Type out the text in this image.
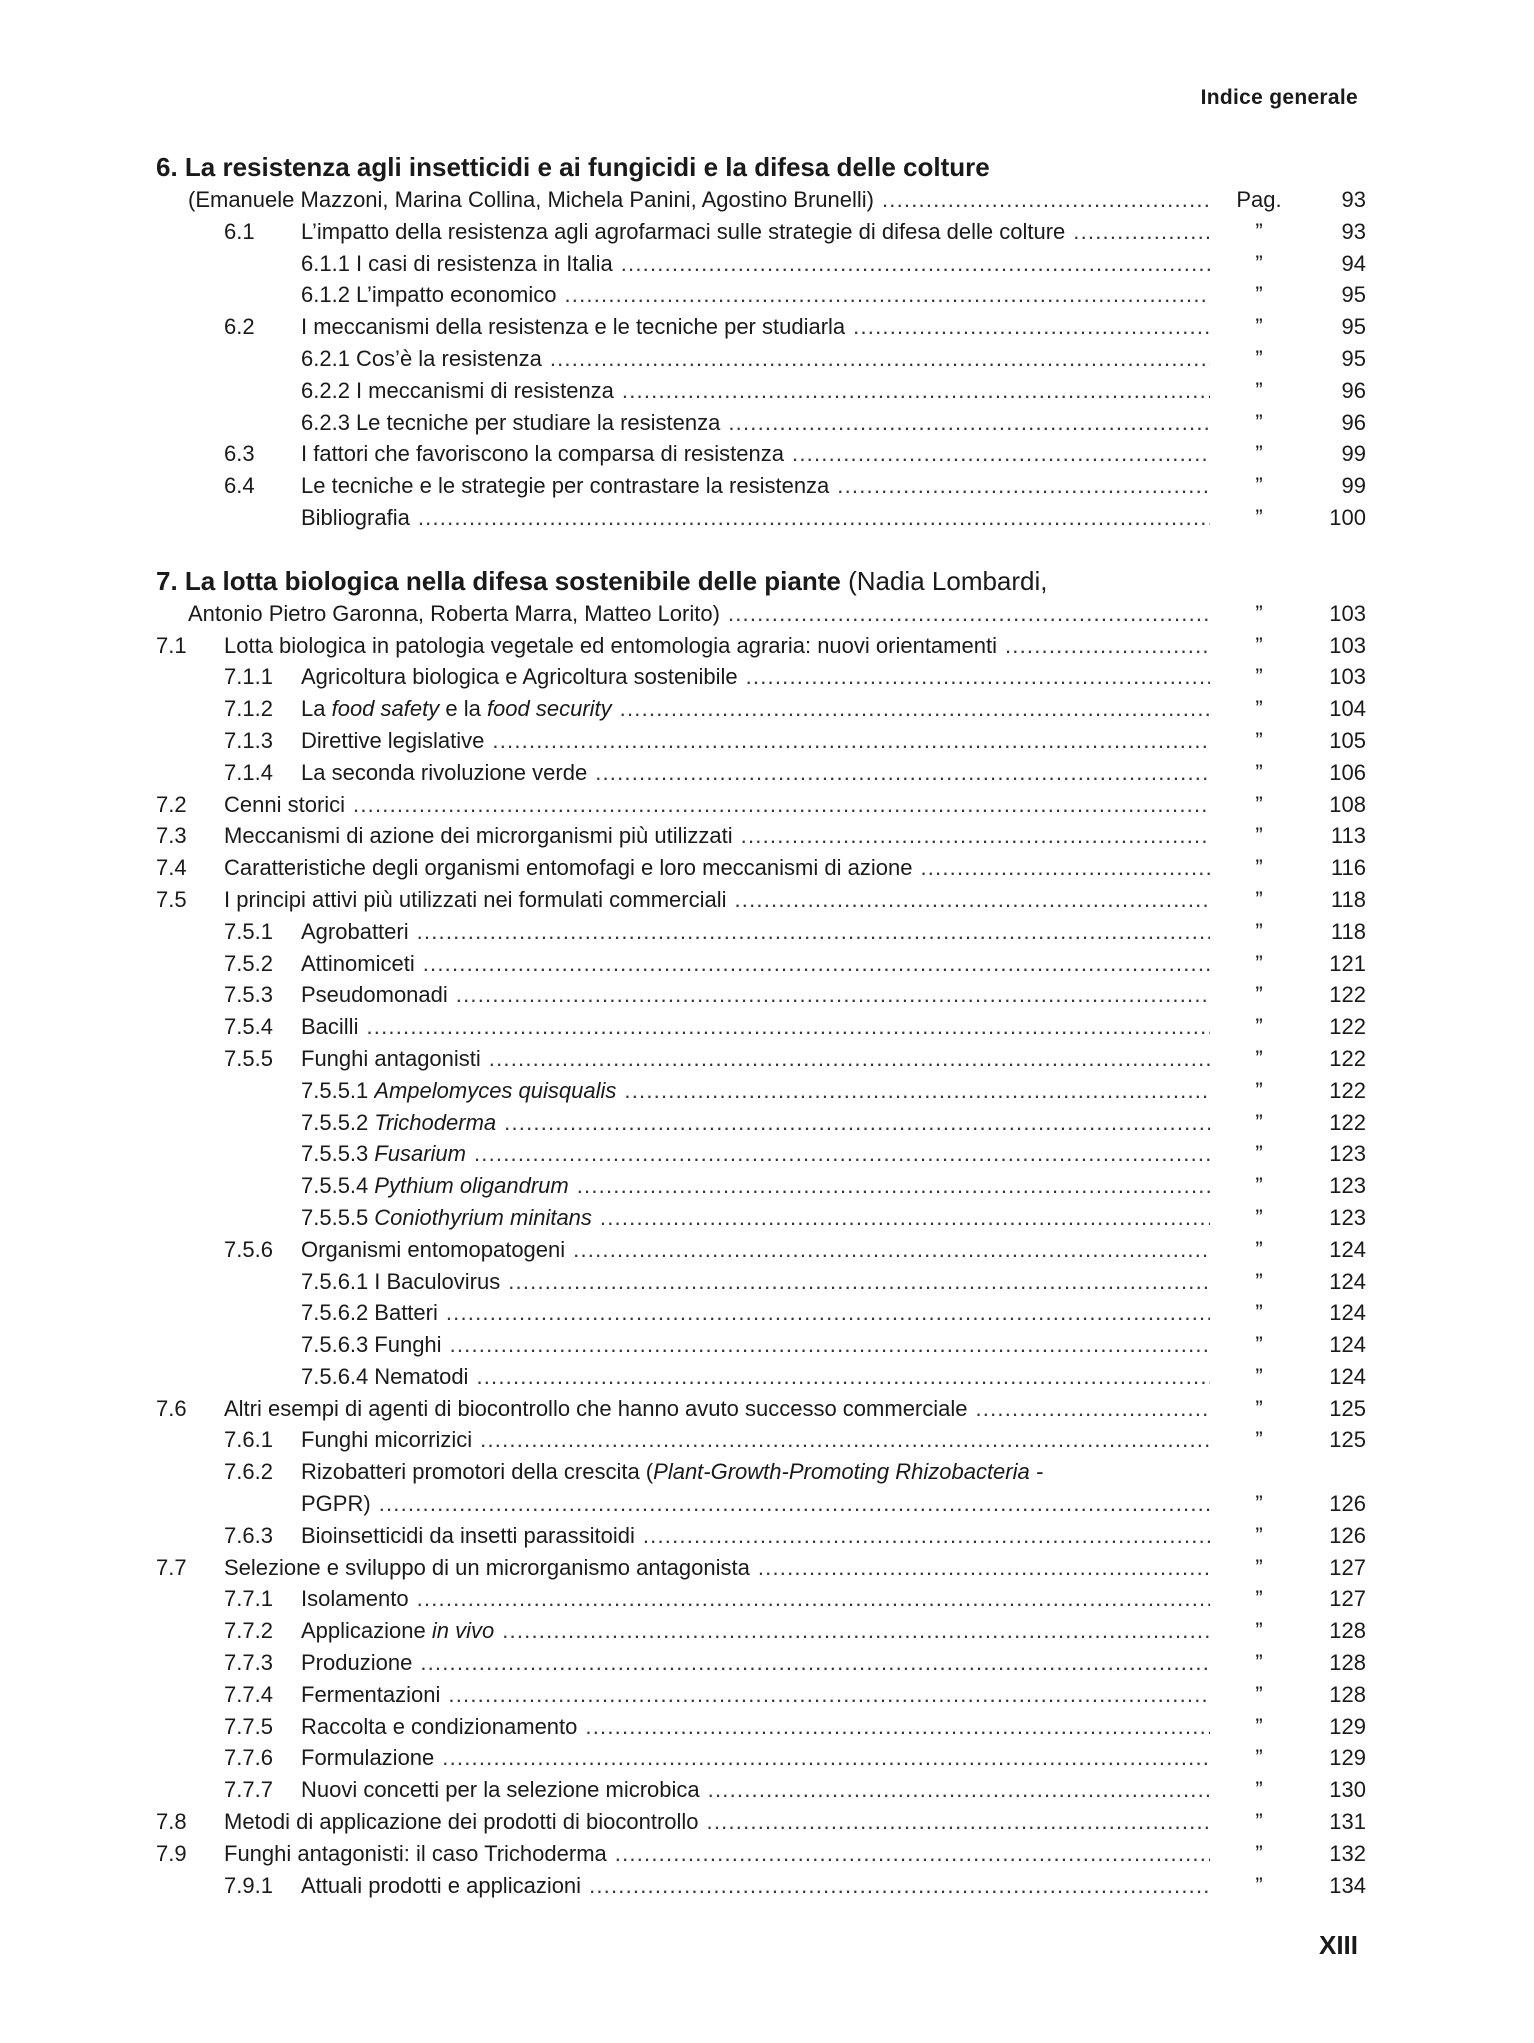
Indice generale
6. La resistenza agli insetticidi e ai fungicidi e la difesa delle colture
(Emanuele Mazzoni, Marina Collina, Michela Panini, Agostino Brunelli) .....	Pag.	93
6.1	L’impatto della resistenza agli agrofarmaci sulle strategie di difesa delle colture .....	”	93
6.1.1 I casi di resistenza in Italia .....	”	94
6.1.2 L’impatto economico .....	”	95
6.2	I meccanismi della resistenza e le tecniche per studiarla .....	”	95
6.2.1 Cos’è la resistenza .....	”	95
6.2.2 I meccanismi di resistenza .....	”	96
6.2.3 Le tecniche per studiare la resistenza .....	”	96
6.3	I fattori che favoriscono la comparsa di resistenza .....	”	99
6.4	Le tecniche e le strategie per contrastare la resistenza .....	”	99
Bibliografia .....	”	100
7. La lotta biologica nella difesa sostenibile delle piante (Nadia Lombardi,
Antonio Pietro Garonna, Roberta Marra, Matteo Lorito) .....	”	103
7.1	Lotta biologica in patologia vegetale ed entomologia agraria: nuovi orientamenti .....	”	103
7.1.1	Agricoltura biologica e Agricoltura sostenibile .....	”	103
7.1.2	La food safety e la food security .....	”	104
7.1.3	Direttive legislative .....	”	105
7.1.4	La seconda rivoluzione verde .....	”	106
7.2	Cenni storici .....	”	108
7.3	Meccanismi di azione dei microrganismi più utilizzati .....	”	113
7.4	Caratteristiche degli organismi entomofagi e loro meccanismi di azione .....	”	116
7.5	I principi attivi più utilizzati nei formulati commerciali .....	”	118
7.5.1	Agrobatteri .....	”	118
7.5.2	Attinomiceti .....	”	121
7.5.3	Pseudomonadi .....	”	122
7.5.4	Bacilli .....	”	122
7.5.5	Funghi antagonisti .....	”	122
7.5.5.1 Ampelomyces quisqualis .....	”	122
7.5.5.2 Trichoderma .....	”	122
7.5.5.3 Fusarium .....	”	123
7.5.5.4 Pythium oligandrum .....	”	123
7.5.5.5 Coniothyrium minitans .....	”	123
7.5.6	Organismi entomopatogeni .....	”	124
7.5.6.1 I Baculovirus .....	”	124
7.5.6.2 Batteri .....	”	124
7.5.6.3 Funghi .....	”	124
7.5.6.4 Nematodi .....	”	124
7.6	Altri esempi di agenti di biocontrollo che hanno avuto successo commerciale .....	”	125
7.6.1	Funghi micorrizici .....	”	125
7.6.2	Rizobatteri promotori della crescita (Plant-Growth-Promoting Rhizobacteria -
PGPR) .....	”	126
7.6.3	Bioinsetticidi da insetti parassitoidi .....	”	126
7.7	Selezione e sviluppo di un microrganismo antagonista .....	”	127
7.7.1	Isolamento .....	”	127
7.7.2	Applicazione in vivo .....	”	128
7.7.3	Produzione .....	”	128
7.7.4	Fermentazioni .....	”	128
7.7.5	Raccolta e condizionamento .....	”	129
7.7.6	Formulazione .....	”	129
7.7.7	Nuovi concetti per la selezione microbica .....	”	130
7.8	Metodi di applicazione dei prodotti di biocontrollo .....	”	131
7.9	Funghi antagonisti: il caso Trichoderma .....	”	132
7.9.1	Attuali prodotti e applicazioni .....	”	134
XIII
